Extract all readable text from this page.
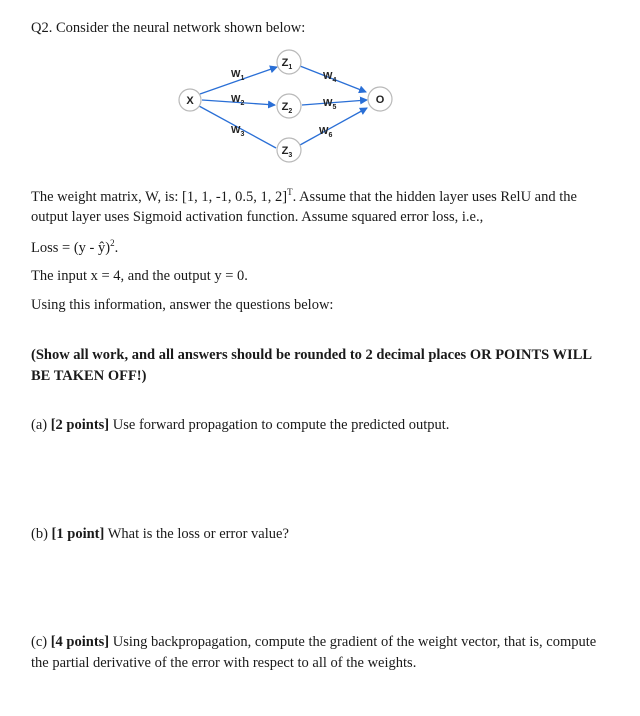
Q2. Consider the neural network shown below:
X
$Z_1$
$Z_2$
$Z_3$
O
$W_1$
$W_2$
$W_3$
$W_4$
$W_5$
$W_6$
The weight matrix, W, is: [1, 1, -1, 0.5, 1, 2]$^T$. Assume that the hidden layer uses RelU and the
output layer uses Sigmoid activation function. Assume squared error loss, i.e.,
Loss = (y - ŷ)$^2$.
The input x = 4, and the output y = 0.
Using this information, answer the questions below:
(Show all work, and all answers should be rounded to 2 decimal places OR POINTS WILL
BE TAKEN OFF!)
(a) [2 points] Use forward propagation to compute the predicted output.
(b) [1 point] What is the loss or error value?
(c) [4 points] Using backpropagation, compute the gradient of the weight vector, that is, compute
the partial derivative of the error with respect to all of the weights.
